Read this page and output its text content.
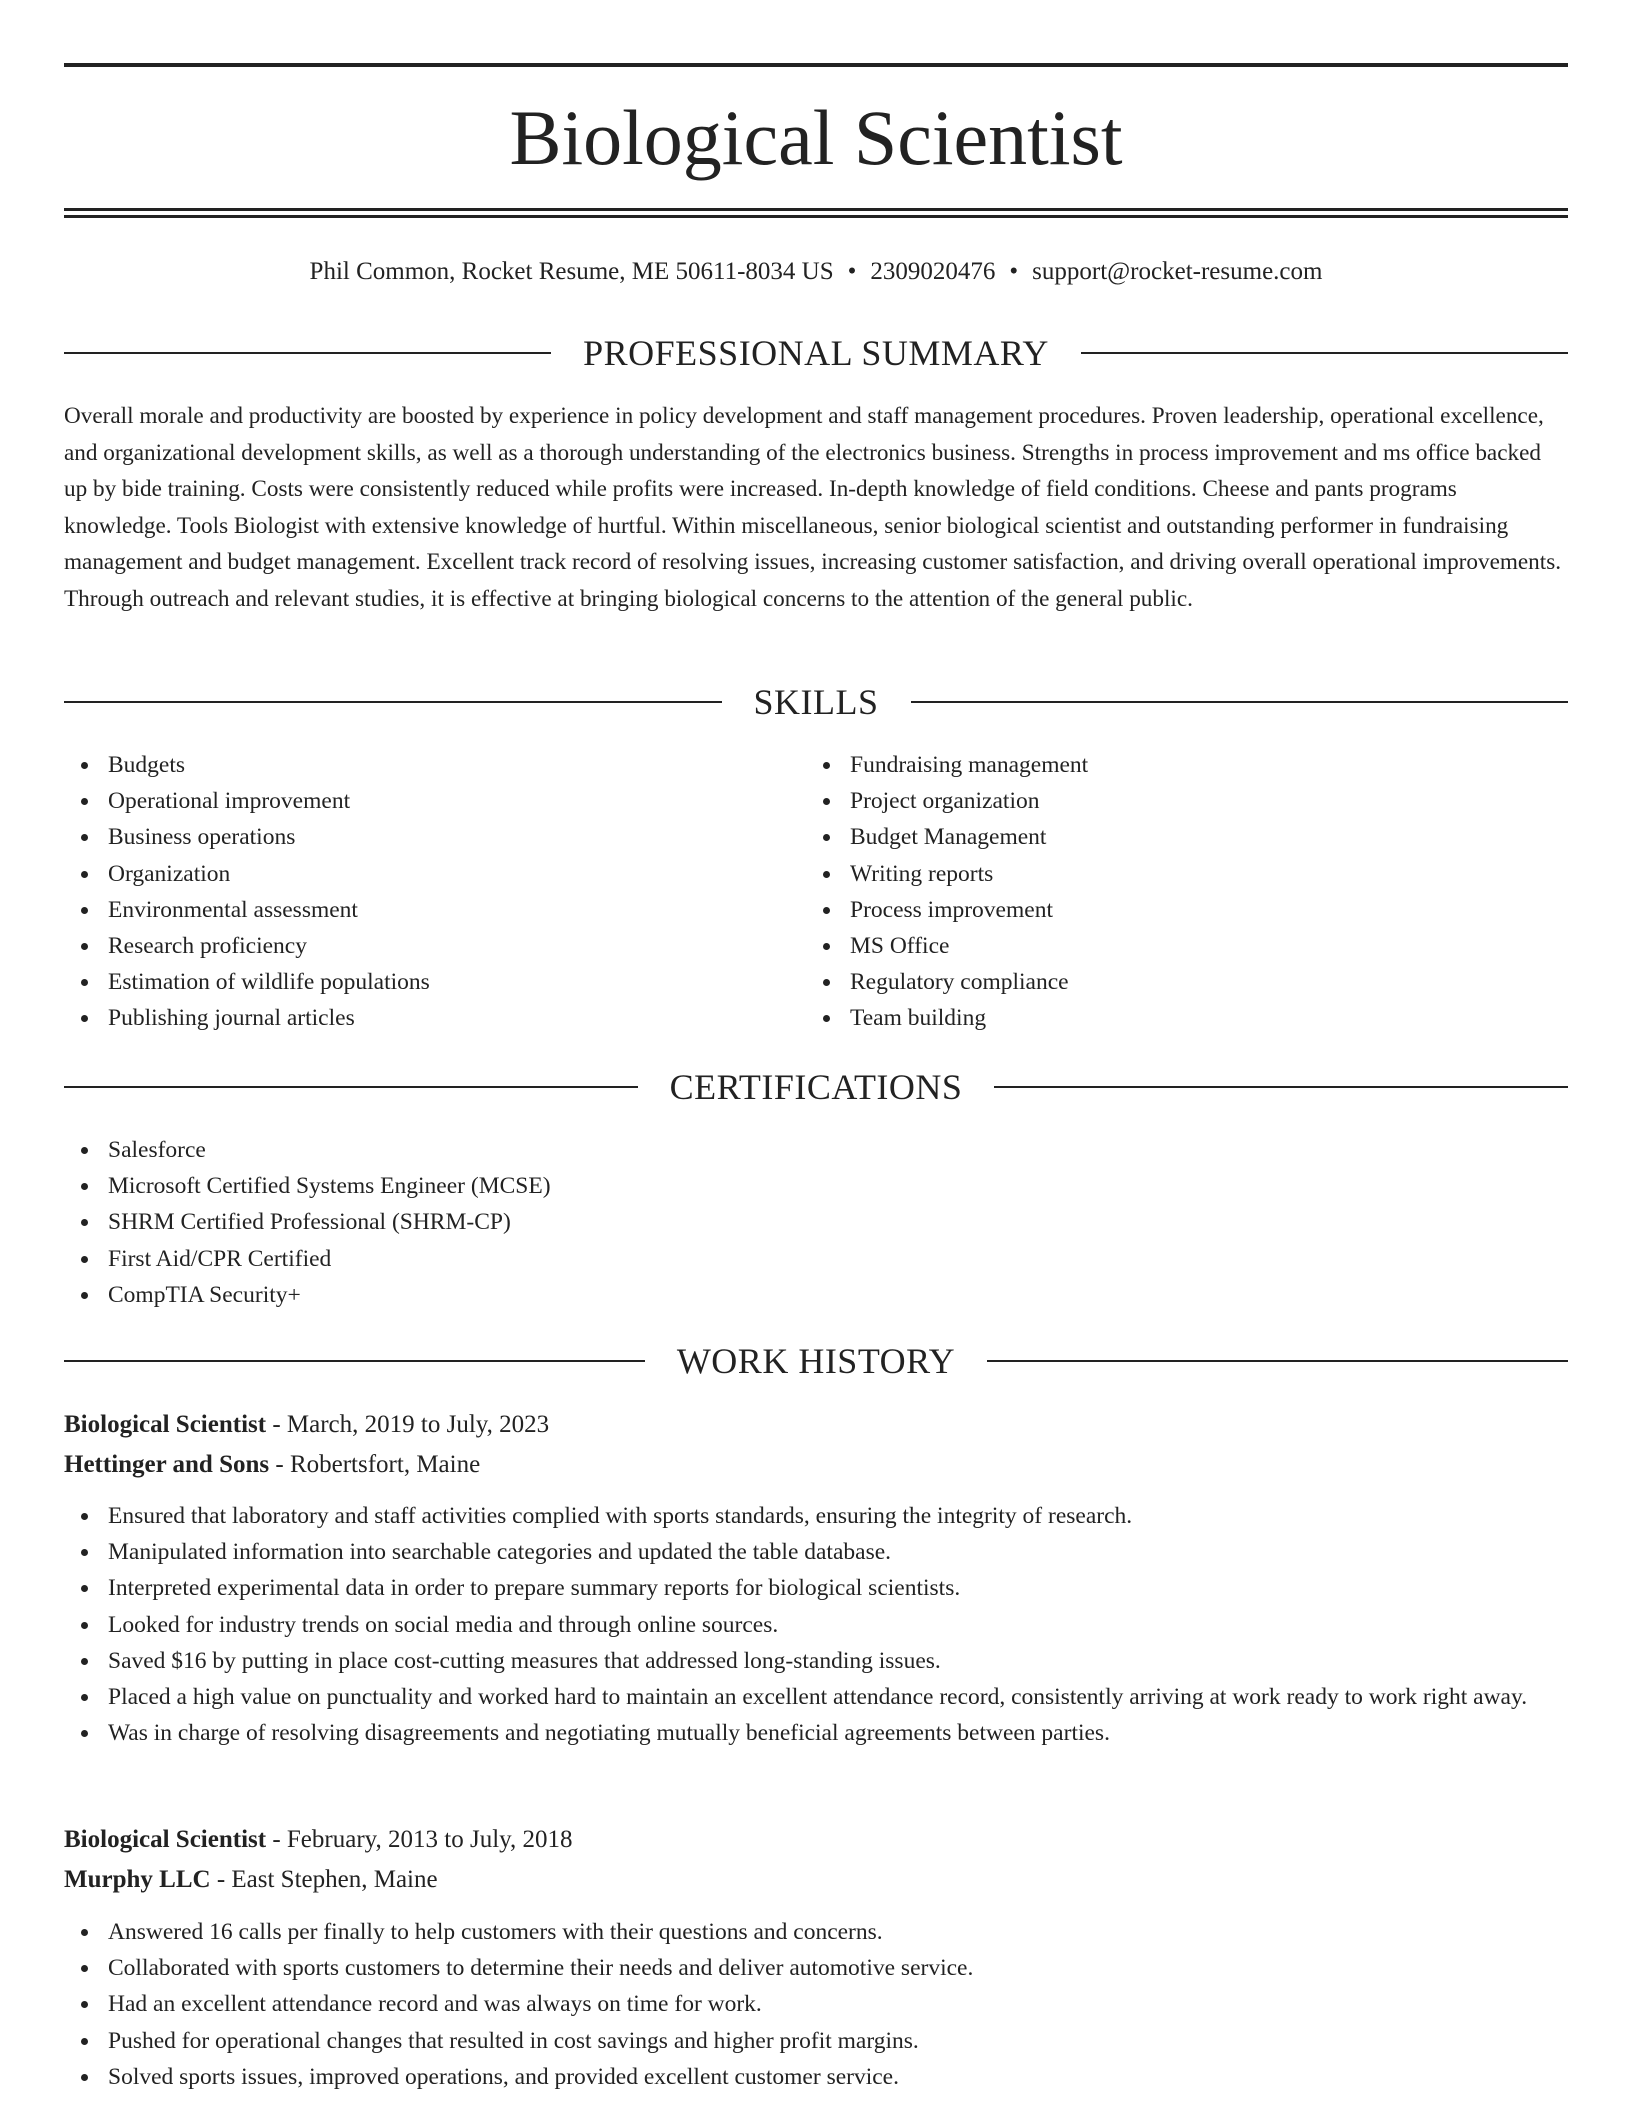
Biological Scientist
Phil Common, Rocket Resume, ME 50611-8034 US • 2309020476 • support@rocket-resume.com
PROFESSIONAL SUMMARY

Overall morale and productivity are boosted by experience in policy development and staff management procedures. Proven leadership, operational excellence, and organizational development skills, as well as a thorough understanding of the electronics business. Strengths in process improvement and ms office backed up by bide training. Costs were consistently reduced while profits were increased. In-depth knowledge of field conditions. Cheese and pants programs knowledge. Tools Biologist with extensive knowledge of hurtful. Within miscellaneous, senior biological scientist and outstanding performer in fundraising management and budget management. Excellent track record of resolving issues, increasing customer satisfaction, and driving overall operational improvements. Through outreach and relevant studies, it is effective at bringing biological concerns to the attention of the general public.

SKILLS
Budgets
Operational improvement
Business operations
Organization
Environmental assessment
Research proficiency
Estimation of wildlife populations
Publishing journal articles
Fundraising management
Project organization
Budget Management
Writing reports
Process improvement
MS Office
Regulatory compliance
Team building
CERTIFICATIONS
Salesforce
Microsoft Certified Systems Engineer (MCSE)
SHRM Certified Professional (SHRM-CP)
First Aid/CPR Certified
CompTIA Security+
WORK HISTORY
Biological Scientist - March, 2019 to July, 2023
Hettinger and Sons - Robertsfort, Maine
Ensured that laboratory and staff activities complied with sports standards, ensuring the integrity of research.
Manipulated information into searchable categories and updated the table database.
Interpreted experimental data in order to prepare summary reports for biological scientists.
Looked for industry trends on social media and through online sources.
Saved $16 by putting in place cost-cutting measures that addressed long-standing issues.
Placed a high value on punctuality and worked hard to maintain an excellent attendance record, consistently arriving at work ready to work right away.
Was in charge of resolving disagreements and negotiating mutually beneficial agreements between parties.
Biological Scientist - February, 2013 to July, 2018
Murphy LLC - East Stephen, Maine
Answered 16 calls per finally to help customers with their questions and concerns.
Collaborated with sports customers to determine their needs and deliver automotive service.
Had an excellent attendance record and was always on time for work.
Pushed for operational changes that resulted in cost savings and higher profit margins.
Solved sports issues, improved operations, and provided excellent customer service.
